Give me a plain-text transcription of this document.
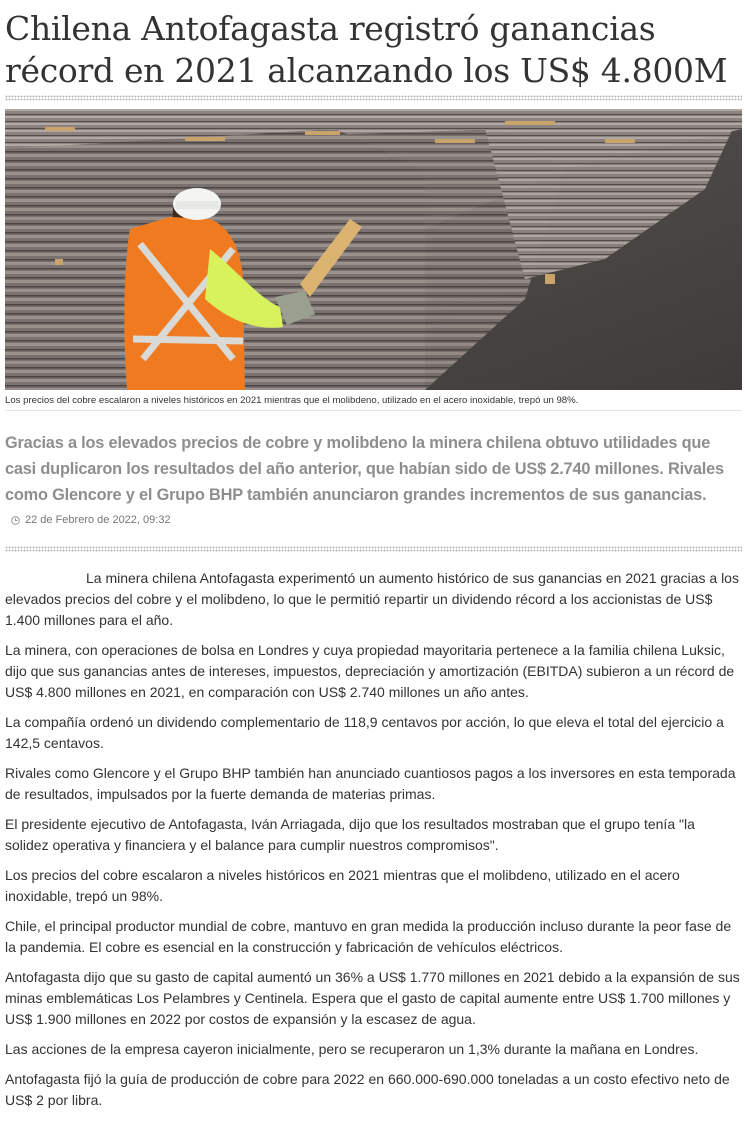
Chilena Antofagasta registró ganancias récord en 2021 alcanzando los US$ 4.800M
Los precios del cobre escalaron a niveles históricos en 2021 mientras que el molibdeno, utilizado en el acero inoxidable, trepó un 98%.

Gracias a los elevados precios de cobre y molibdeno la minera chilena obtuvo utilidades que casi duplicaron los resultados del año anterior, que habían sido de US$ 2.740 millones. Rivales como Glencore y el Grupo BHP también anunciaron grandes incrementos de sus ganancias.

22 de Febrero de 2022, 09:32

La minera chilena Antofagasta experimentó un aumento histórico de sus ganancias en 2021 gracias a los elevados precios del cobre y el molibdeno, lo que le permitió repartir un dividendo récord a los accionistas de US$ 1.400 millones para el año.

La minera, con operaciones de bolsa en Londres y cuya propiedad mayoritaria pertenece a la familia chilena Luksic, dijo que sus ganancias antes de intereses, impuestos, depreciación y amortización (EBITDA) subieron a un récord de US$ 4.800 millones en 2021, en comparación con US$ 2.740 millones un año antes.

La compañía ordenó un dividendo complementario de 118,9 centavos por acción, lo que eleva el total del ejercicio a 142,5 centavos.

Rivales como Glencore y el Grupo BHP también han anunciado cuantiosos pagos a los inversores en esta temporada de resultados, impulsados por la fuerte demanda de materias primas.

El presidente ejecutivo de Antofagasta, Iván Arriagada, dijo que los resultados mostraban que el grupo tenía "la solidez operativa y financiera y el balance para cumplir nuestros compromisos".

Los precios del cobre escalaron a niveles históricos en 2021 mientras que el molibdeno, utilizado en el acero inoxidable, trepó un 98%.

Chile, el principal productor mundial de cobre, mantuvo en gran medida la producción incluso durante la peor fase de la pandemia. El cobre es esencial en la construcción y fabricación de vehículos eléctricos.

Antofagasta dijo que su gasto de capital aumentó un 36% a US$ 1.770 millones en 2021 debido a la expansión de sus minas emblemáticas Los Pelambres y Centinela. Espera que el gasto de capital aumente entre US$ 1.700 millones y US$ 1.900 millones en 2022 por costos de expansión y la escasez de agua.

Las acciones de la empresa cayeron inicialmente, pero se recuperaron un 1,3% durante la mañana en Londres.

Antofagasta fijó la guía de producción de cobre para 2022 en 660.000-690.000 toneladas a un costo efectivo neto de US$ 2 por libra.
